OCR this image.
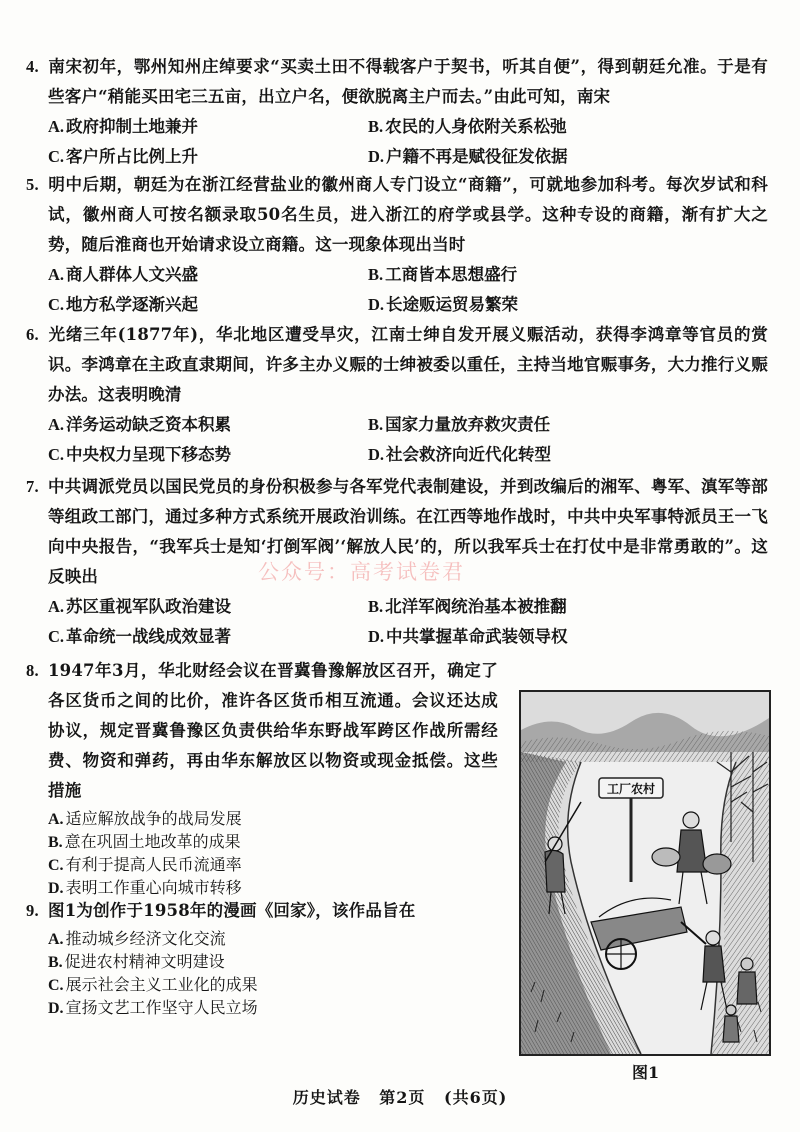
4. 南宋初年，鄂州知州庄绰要求“买卖土田不得载客户于契书，听其自便”，得到朝廷允准。于是有些客户“稍能买田宅三五亩，出立户名，便欲脱离主户而去。”由此可知，南宋
A. 政府抑制土地兼并	B. 农民的人身依附关系松弛
C. 客户所占比例上升	D. 户籍不再是赋役征发依据
5. 明中后期，朝廷为在浙江经营盐业的徽州商人专门设立“商籍”，可就地参加科考。每次岁试和科试，徽州商人可按名额录取50名生员，进入浙江的府学或县学。这种专设的商籍，渐有扩大之势，随后淮商也开始请求设立商籍。这一现象体现出当时
A. 商人群体人文兴盛	B. 工商皆本思想盛行
C. 地方私学逐渐兴起	D. 长途贩运贸易繁荣
6. 光绪三年(1877年)，华北地区遭受旱灾，江南士绅自发开展义赈活动，获得李鸿章等官员的赏识。李鸿章在主政直隶期间，许多主办义赈的士绅被委以重任，主持当地官赈事务，大力推行义赈办法。这表明晚清
A. 洋务运动缺乏资本积累	B. 国家力量放弃救灾责任
C. 中央权力呈现下移态势	D. 社会救济向近代化转型
7. 中共调派党员以国民党员的身份积极参与各军党代表制建设，并到改编后的湘军、粤军、滇军等部等组政工部门，通过多种方式系统开展政治训练。在江西等地作战时，中共中央军事特派员王一飞向中央报告，“我军兵士是知‘打倒军阀’‘解放人民’的，所以我军兵士在打仗中是非常勇敢的”。这反映出
A. 苏区重视军队政治建设	B. 北洋军阀统治基本被推翻
C. 革命统一战线成效显著	D. 中共掌握革命武装领导权
8. 1947年3月，华北财经会议在晋冀鲁豫解放区召开，确定了各区货币之间的比价，准许各区货币相互流通。会议还达成协议，规定晋冀鲁豫区负责供给华东野战军跨区作战所需经费、物资和弹药，再由华东解放区以物资或现金抵偿。这些措施
A. 适应解放战争的战局发展
B. 意在巩固土地改革的成果
C. 有利于提高人民币流通率
D. 表明工作重心向城市转移
9. 图1为创作于1958年的漫画《回家》，该作品旨在
A. 推动城乡经济文化交流
B. 促进农村精神文明建设
C. 展示社会主义工业化的成果
D. 宣扬文艺工作坚守人民立场
公众号：高考试卷君
工厂农村
图1
历史试卷 第2页 (共6页)
